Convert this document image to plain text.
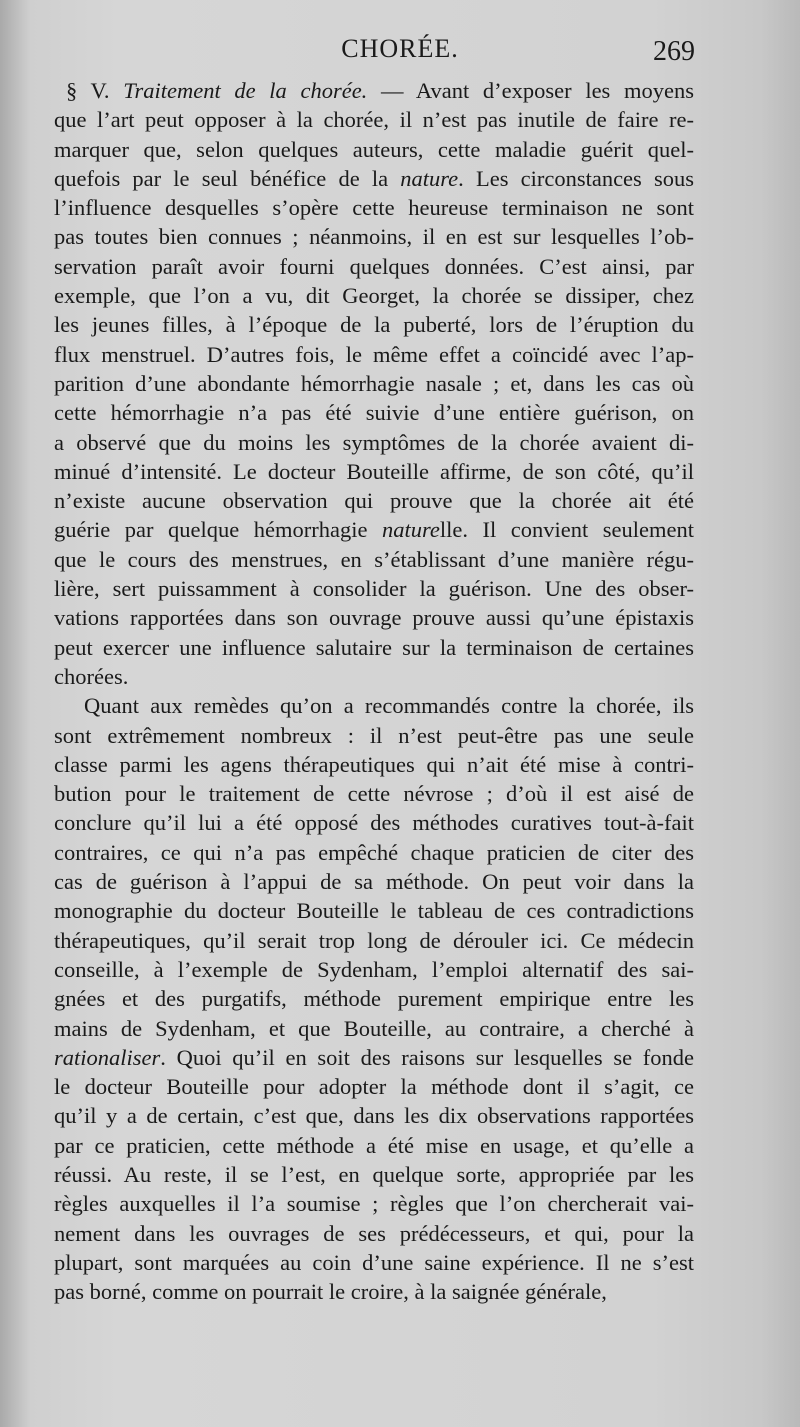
CHORÉE.	269
§ V. Traitement de la chorée. — Avant d’exposer les moyens
que l’art peut opposer à la chorée, il n’est pas inutile de faire re-
marquer que, selon quelques auteurs, cette maladie guérit quel-
quefois par le seul bénéfice de la nature. Les circonstances sous
l’influence desquelles s’opère cette heureuse terminaison ne sont
pas toutes bien connues ; néanmoins, il en est sur lesquelles l’ob-
servation paraît avoir fourni quelques données. C’est ainsi, par
exemple, que l’on a vu, dit Georget, la chorée se dissiper, chez
les jeunes filles, à l’époque de la puberté, lors de l’éruption du
flux menstruel. D’autres fois, le même effet a coïncidé avec l’ap-
parition d’une abondante hémorrhagie nasale ; et, dans les cas où
cette hémorrhagie n’a pas été suivie d’une entière guérison, on
a observé que du moins les symptômes de la chorée avaient di-
minué d’intensité. Le docteur Bouteille affirme, de son côté, qu’il
n’existe aucune observation qui prouve que la chorée ait été
guérie par quelque hémorrhagie naturelle. Il convient seulement
que le cours des menstrues, en s’établissant d’une manière régu-
lière, sert puissamment à consolider la guérison. Une des obser-
vations rapportées dans son ouvrage prouve aussi qu’une épistaxis
peut exercer une influence salutaire sur la terminaison de certaines
chorées.
Quant aux remèdes qu’on a recommandés contre la chorée, ils
sont extrêmement nombreux : il n’est peut-être pas une seule
classe parmi les agens thérapeutiques qui n’ait été mise à contri-
bution pour le traitement de cette névrose ; d’où il est aisé de
conclure qu’il lui a été opposé des méthodes curatives tout-à-fait
contraires, ce qui n’a pas empêché chaque praticien de citer des
cas de guérison à l’appui de sa méthode. On peut voir dans la
monographie du docteur Bouteille le tableau de ces contradictions
thérapeutiques, qu’il serait trop long de dérouler ici. Ce médecin
conseille, à l’exemple de Sydenham, l’emploi alternatif des sai-
gnées et des purgatifs, méthode purement empirique entre les
mains de Sydenham, et que Bouteille, au contraire, a cherché à
rationaliser. Quoi qu’il en soit des raisons sur lesquelles se fonde
le docteur Bouteille pour adopter la méthode dont il s’agit, ce
qu’il y a de certain, c’est que, dans les dix observations rapportées
par ce praticien, cette méthode a été mise en usage, et qu’elle a
réussi. Au reste, il se l’est, en quelque sorte, appropriée par les
règles auxquelles il l’a soumise ; règles que l’on chercherait vai-
nement dans les ouvrages de ses prédécesseurs, et qui, pour la
plupart, sont marquées au coin d’une saine expérience. Il ne s’est
pas borné, comme on pourrait le croire, à la saignée générale,
